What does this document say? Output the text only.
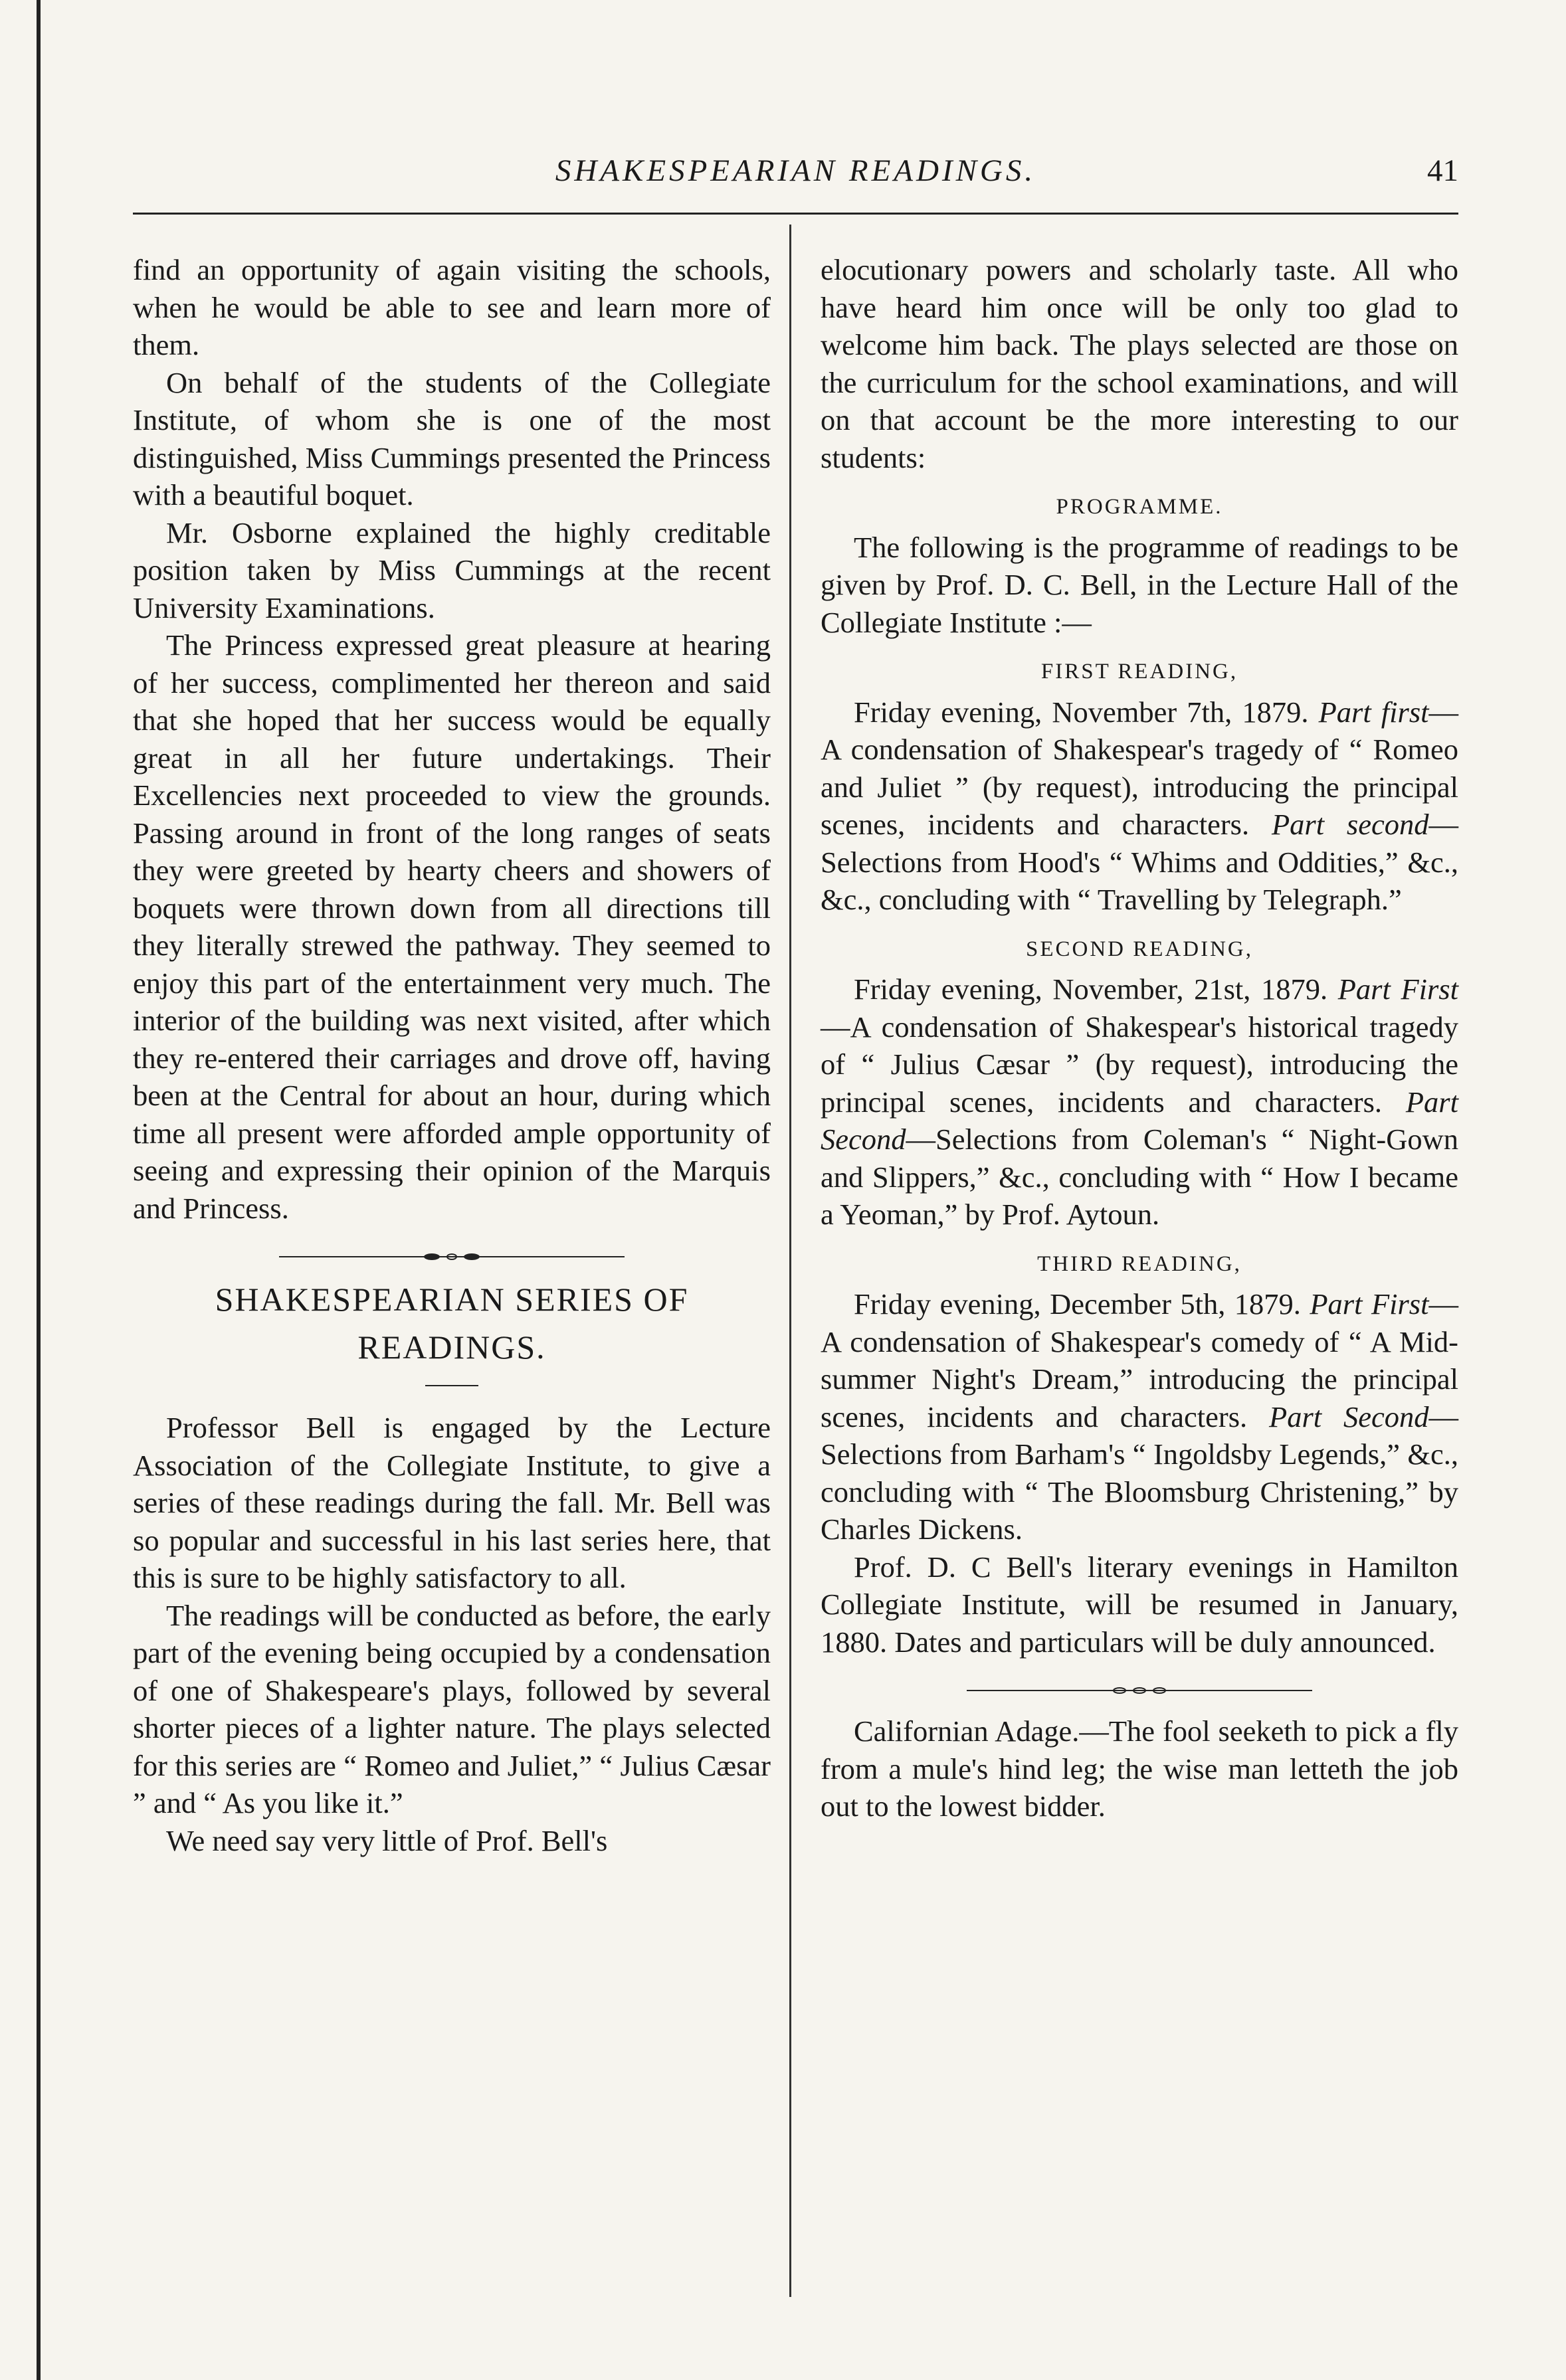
SHAKESPEARIAN READINGS.	41

find an opportunity of again visiting the schools, when he would be able to see and learn more of them.

On behalf of the students of the Collegiate Institute, of whom she is one of the most distinguished, Miss Cummings presented the Princess with a beautiful boquet.

Mr. Osborne explained the highly creditable position taken by Miss Cummings at the recent University Examinations.

The Princess expressed great pleasure at hearing of her success, complimented her thereon and said that she hoped that her success would be equally great in all her future undertakings. Their Excellencies next proceeded to view the grounds. Passing around in front of the long ranges of seats they were greeted by hearty cheers and showers of boquets were thrown down from all directions till they literally strewed the pathway. They seemed to enjoy this part of the entertainment very much. The interior of the building was next visited, after which they re-entered their carriages and drove off, having been at the Central for about an hour, during which time all present were afforded ample opportunity of seeing and expressing their opinion of the Marquis and Princess.

SHAKESPEARIAN SERIES OF
READINGS.

Professor Bell is engaged by the Lecture Association of the Collegiate Institute, to give a series of these readings during the fall. Mr. Bell was so popular and successful in his last series here, that this is sure to be highly satisfactory to all.

The readings will be conducted as before, the early part of the evening being occupied by a condensation of one of Shakespeare's plays, followed by several shorter pieces of a lighter nature. The plays selected for this series are “ Romeo and Juliet,” “ Julius Cæsar ” and “ As you like it.”

We need say very little of Prof. Bell's

elocutionary powers and scholarly taste. All who have heard him once will be only too glad to welcome him back. The plays selected are those on the curriculum for the school examinations, and will on that account be the more interesting to our students:

PROGRAMME.

The following is the programme of readings to be given by Prof. D. C. Bell, in the Lecture Hall of the Collegiate Institute :—

FIRST READING,

Friday evening, November 7th, 1879. Part first—A condensation of Shakespear's tragedy of “ Romeo and Juliet ” (by request), introducing the principal scenes, incidents and characters. Part second—Selections from Hood's “ Whims and Oddities,” &c., &c., concluding with “ Travelling by Telegraph.”

SECOND READING,

Friday evening, November, 21st, 1879. Part First—A condensation of Shakespear's historical tragedy of “ Julius Cæsar ” (by request), introducing the principal scenes, incidents and characters. Part Second—Selections from Coleman's “ Night-Gown and Slippers,” &c., concluding with “ How I became a Yeoman,” by Prof. Aytoun.

THIRD READING,

Friday evening, December 5th, 1879. Part First—A condensation of Shakespear's comedy of “ A Mid-summer Night's Dream,” introducing the principal scenes, incidents and characters. Part Second—Selections from Barham's “ Ingoldsby Legends,” &c., concluding with “ The Bloomsburg Christening,” by Charles Dickens.

Prof. D. C Bell's literary evenings in Hamilton Collegiate Institute, will be resumed in January, 1880. Dates and particulars will be duly announced.

Californian Adage.—The fool seeketh to pick a fly from a mule's hind leg; the wise man letteth the job out to the lowest bidder.
